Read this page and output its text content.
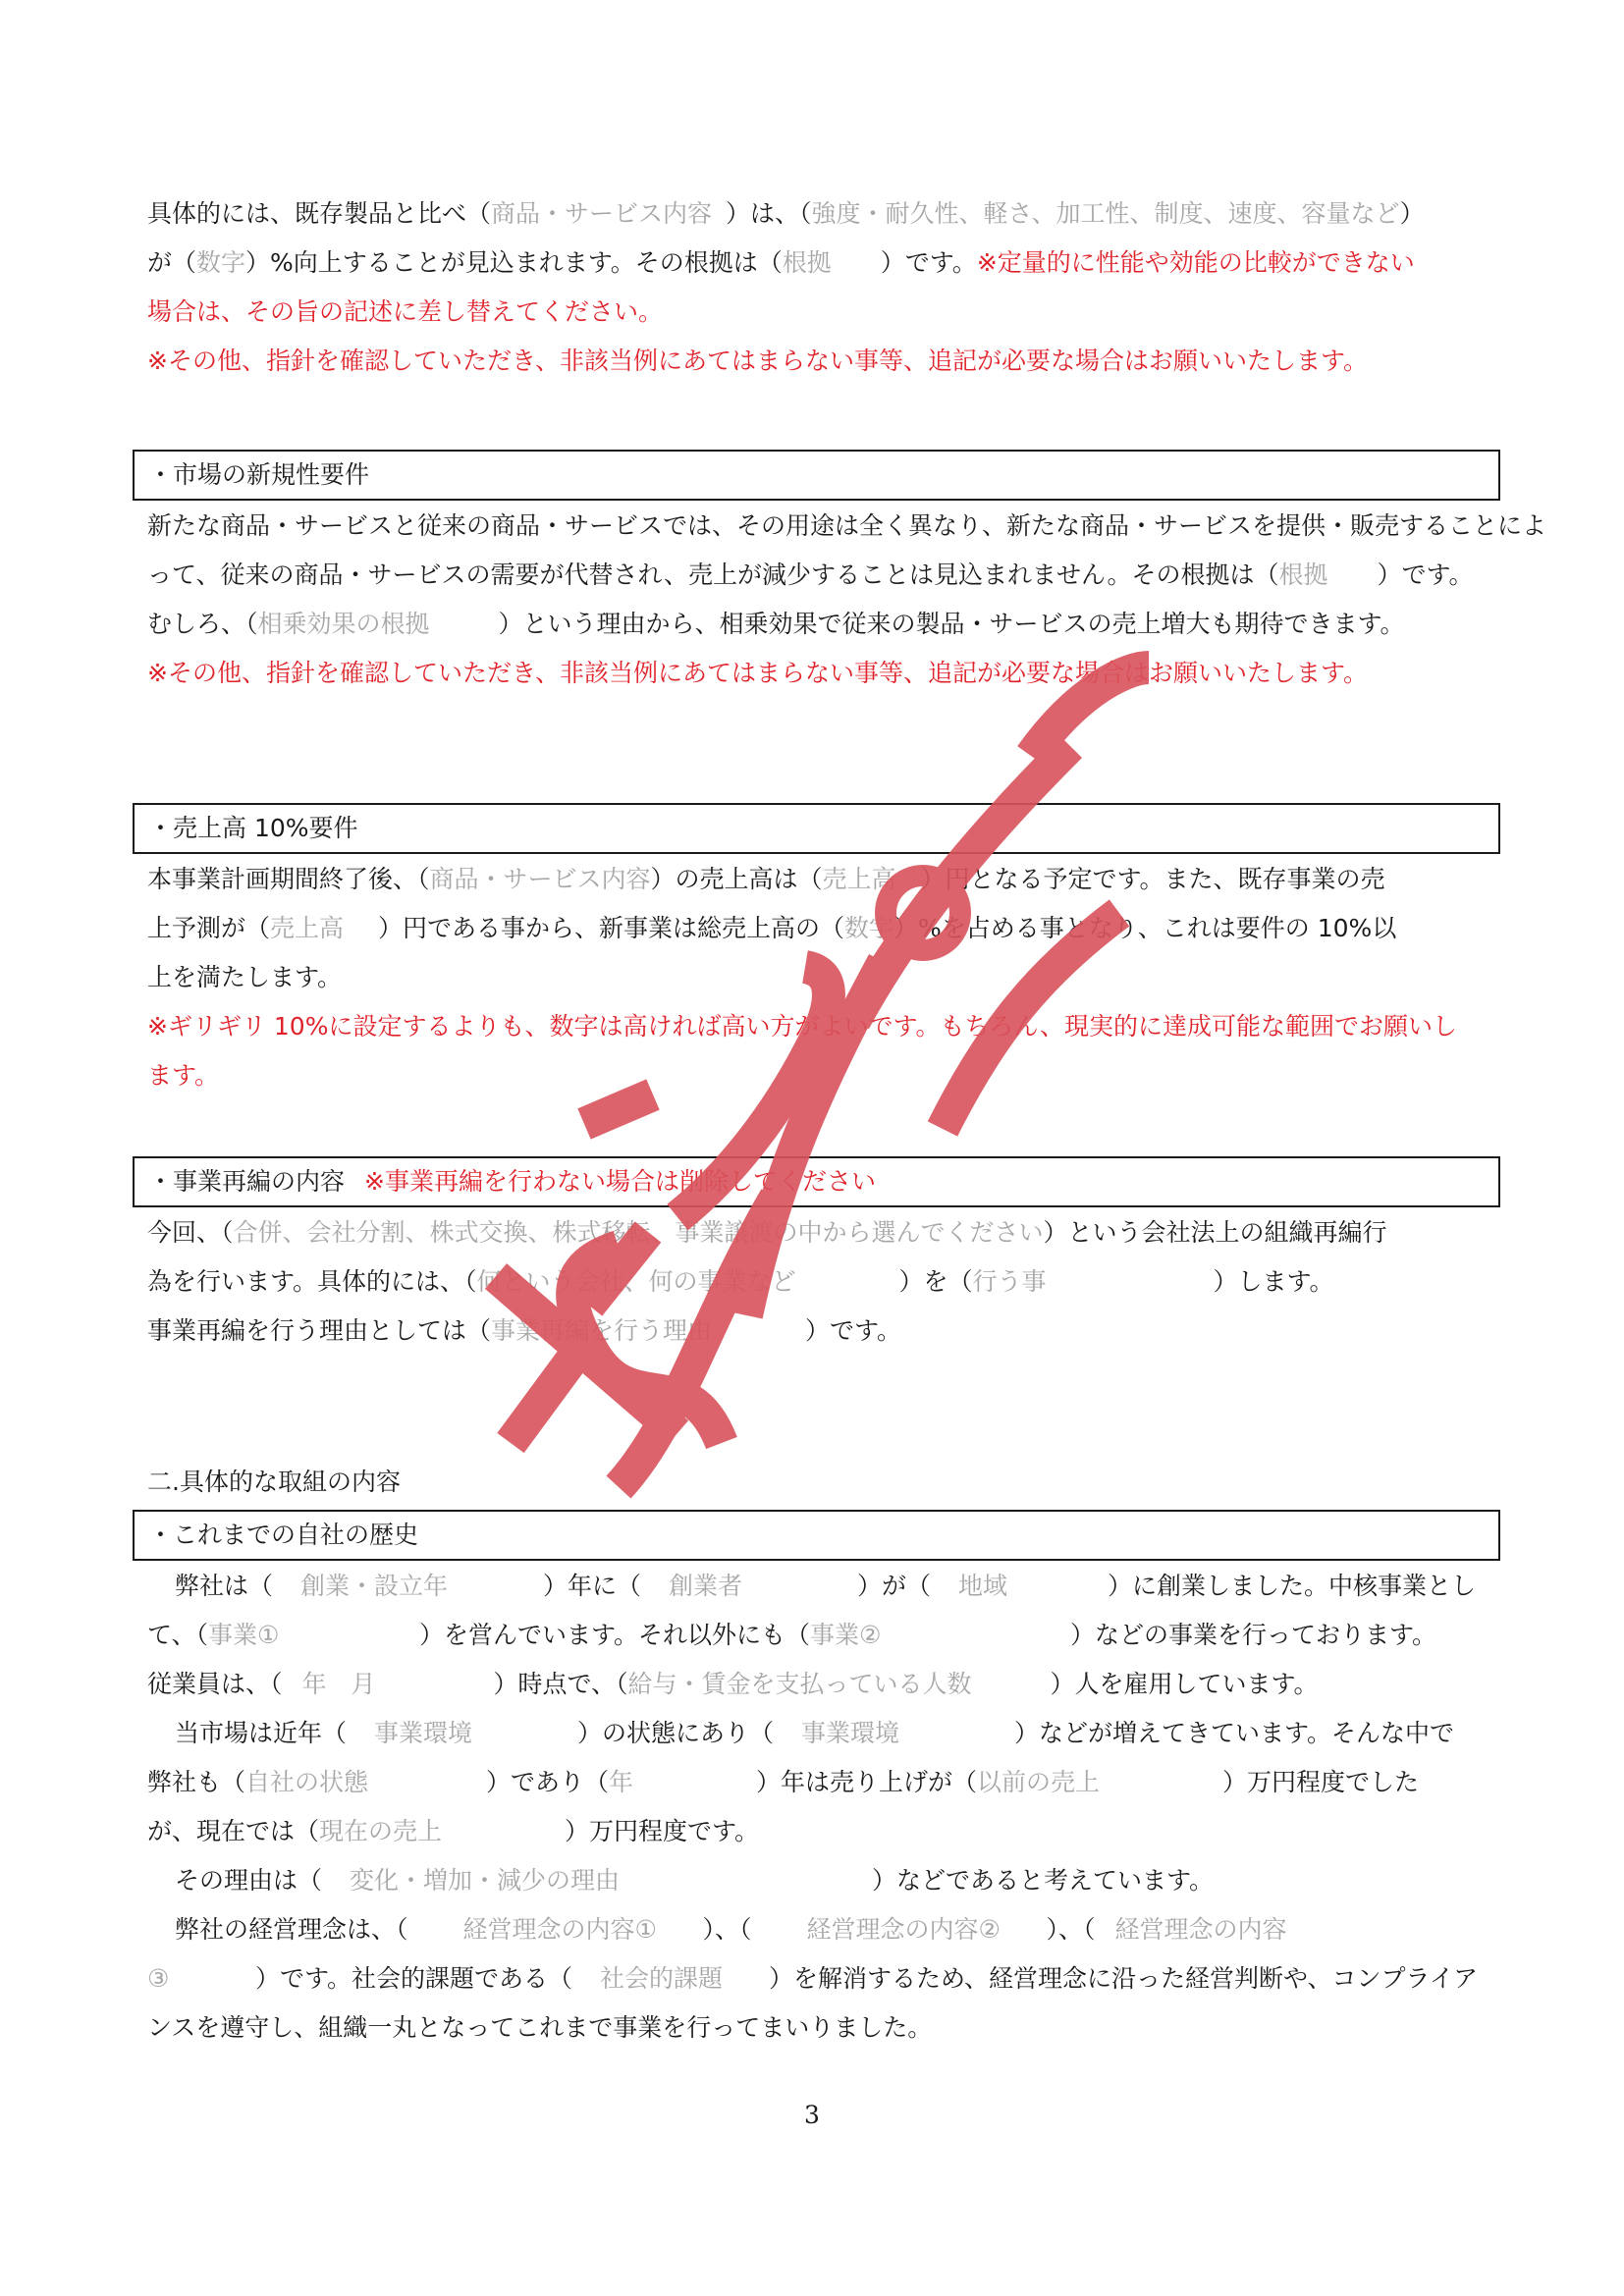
具体的には、既存製品と比べ（商品・サービス内容 ）は、（強度・耐久性、軽さ、加工性、制度、速度、容量など）
が（数字）%向上することが見込まれます。その根拠は（根拠 ）です。※定量的に性能や効能の比較ができない
場合は、その旨の記述に差し替えてください。
※その他、指針を確認していただき、非該当例にあてはまらない事等、追記が必要な場合はお願いいたします。
・市場の新規性要件
新たな商品・サービスと従来の商品・サービスでは、その用途は全く異なり、新たな商品・サービスを提供・販売することによ
って、従来の商品・サービスの需要が代替され、売上が減少することは見込まれません。その根拠は（根拠 ）です。
むしろ、（相乗効果の根拠	）という理由から、相乗効果で従来の製品・サービスの売上増大も期待できます。
※その他、指針を確認していただき、非該当例にあてはまらない事等、追記が必要な場合はお願いいたします。
・売上高 10%要件
本事業計画期間終了後、（商品・サービス内容）の売上高は（売上高 ）円となる予定です。また、既存事業の売
上予測が（売上高 ）円である事から、新事業は総売上高の（数字）%を占める事となり、これは要件の 10%以
上を満たします。
※ギリギリ 10%に設定するよりも、数字は高ければ高い方がよいです。もちろん、現実的に達成可能な範囲でお願いし
ます。
・事業再編の内容 ※事業再編を行わない場合は削除してください
今回、（合併、会社分割、株式交換、株式移転、事業譲渡の中から選んでください）という会社法上の組織再編行
為を行います。具体的には、（何という会社、何の事業など	）を（行う事	）します。
事業再編を行う理由としては（事業再編を行う理由	）です。
二.具体的な取組の内容
・これまでの自社の歴史
弊社は（ 創業・設立年	）年に（ 創業者	）が（ 地域	）に創業しました。中核事業とし
て、（事業①	）を営んでいます。それ以外にも（事業②	）などの事業を行っております。
従業員は、（ 年　月	）時点で、（給与・賃金を支払っている人数	）人を雇用しています。
当市場は近年（ 事業環境	）の状態にあり（ 事業環境	）などが増えてきています。そんな中で
弊社も（自社の状態	）であり（年	）年は売り上げが（以前の売上	）万円程度でした
が、現在では（現在の売上	）万円程度です。
その理由は（ 変化・増加・減少の理由	）などであると考えています。
弊社の経営理念は、（ 経営理念の内容① ）、（ 経営理念の内容② ）、（ 経営理念の内容
③	）です。社会的課題である（ 社会的課題 ）を解消するため、経営理念に沿った経営判断や、コンプライア
ンスを遵守し、組織一丸となってこれまで事業を行ってまいりました。
3
